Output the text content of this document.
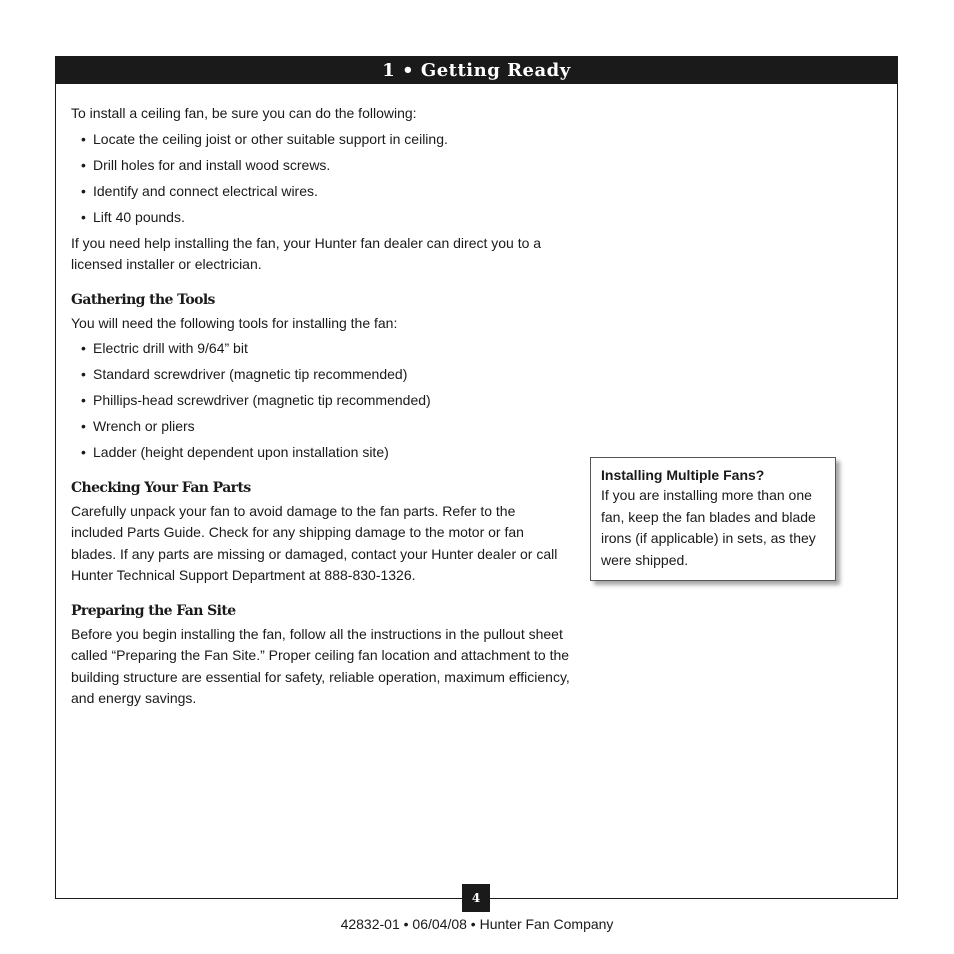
1 • Getting Ready

To install a ceiling fan, be sure you can do the following:

• Locate the ceiling joist or other suitable support in ceiling.
• Drill holes for and install wood screws.
• Identify and connect electrical wires.
• Lift 40 pounds.

If you need help installing the fan, your Hunter fan dealer can direct you to a licensed installer or electrician.

Gathering the Tools

You will need the following tools for installing the fan:

• Electric drill with 9/64” bit
• Standard screwdriver (magnetic tip recommended)
• Phillips-head screwdriver (magnetic tip recommended)
• Wrench or pliers
• Ladder (height dependent upon installation site)
Checking Your Fan Parts

Carefully unpack your fan to avoid damage to the fan parts. Refer to the included Parts Guide. Check for any shipping damage to the motor or fan blades. If any parts are missing or damaged, contact your Hunter dealer or call Hunter Technical Support Department at 888-830-1326.

Preparing the Fan Site

Before you begin installing the fan, follow all the instructions in the pullout sheet called “Preparing the Fan Site.” Proper ceiling fan location and attachment to the building structure are essential for safety, reliable operation, maximum efficiency, and energy savings.

Installing Multiple Fans?
If you are installing more than one fan, keep the fan blades and blade irons (if applicable) in sets, as they were shipped.
4
42832-01 • 06/04/08 • Hunter Fan Company
